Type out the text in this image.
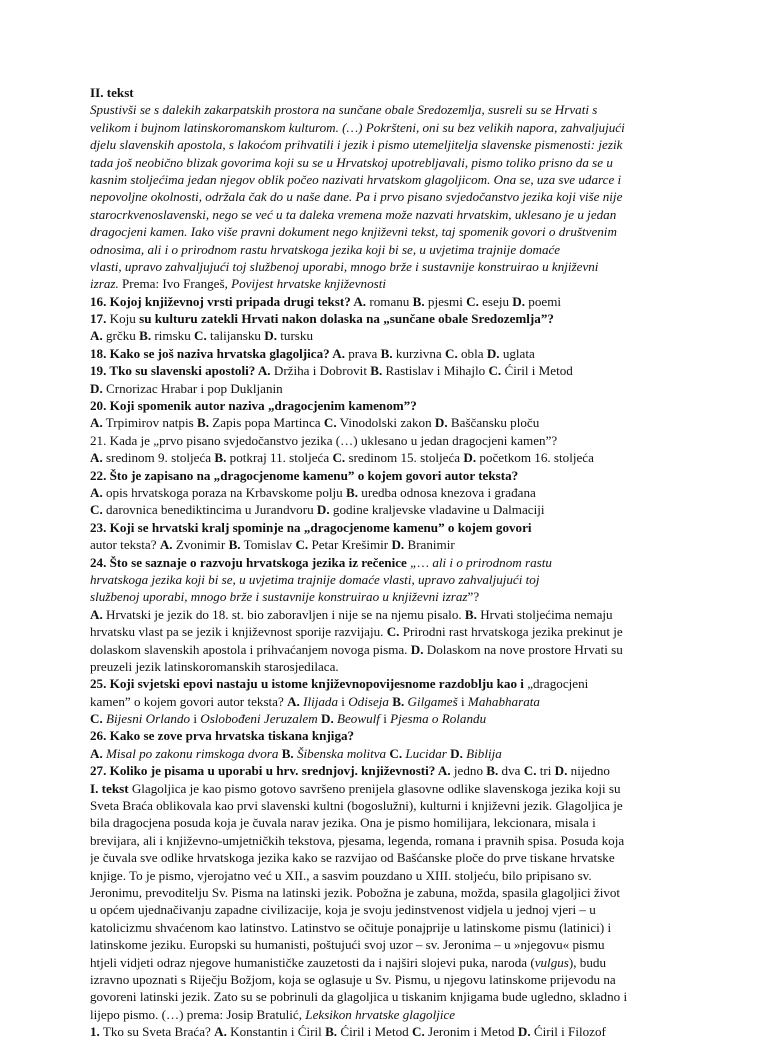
II. tekst
Spustivši se s dalekih zakarpatskih prostora na sunčane obale Sredozemlja, susreli su se Hrvati s
velikom i bujnom latinskoromanskom kulturom. (…) Pokršteni, oni su bez velikih napora, zahvaljujući
djelu slavenskih apostola, s lakoćom prihvatili i jezik i pismo utemeljitelja slavenske pismenosti: jezik
tada još neobično blizak govorima koji su se u Hrvatskoj upotrebljavali, pismo toliko prisno da se u
kasnim stoljećima jedan njegov oblik počeo nazivati hrvatskom glagoljicom. Ona se, uza sve udarce i
nepovoljne okolnosti, održala čak do u naše dane. Pa i prvo pisano svjedočanstvo jezika koji više nije
starocrkvenoslavenski, nego se već u ta daleka vremena može nazvati hrvatskim, uklesano je u jedan
dragocjeni kamen. Iako više pravni dokument nego književni tekst, taj spomenik govori o društvenim
odnosima, ali i o prirodnom rastu hrvatskoga jezika koji bi se, u uvjetima trajnije domaće
vlasti, upravo zahvaljujući toj službenoj uporabi, mnogo brže i sustavnije konstruirao u književni
izraz. Prema: Ivo Frangeš, Povijest hrvatske književnosti
16. Kojoj književnoj vrsti pripada drugi tekst? A. romanu B. pjesmi C. eseju D. poemi
17. Koju su kulturu zatekli Hrvati nakon dolaska na „sunčane obale Sredozemlja”?
A. grčku B. rimsku C. talijansku D. tursku
18. Kako se još naziva hrvatska glagoljica? A. prava B. kurzivna C. obla D. uglata
19. Tko su slavenski apostoli? A. Držiha i Dobrovit B. Rastislav i Mihajlo C. Ćiril i Metod
D. Crnorizac Hrabar i pop Dukljanin
20. Koji spomenik autor naziva „dragocjenim kamenom”?
A. Trpimirov natpis B. Zapis popa Martinca C. Vinodolski zakon D. Baščansku ploču
21. Kada je „prvo pisano svjedočanstvo jezika (…) uklesano u jedan dragocjeni kamen”?
A. sredinom 9. stoljeća B. potkraj 11. stoljeća C. sredinom 15. stoljeća D. početkom 16. stoljeća
22. Što je zapisano na „dragocjenome kamenu” o kojem govori autor teksta?
A. opis hrvatskoga poraza na Krbavskome polju B. uredba odnosa knezova i građana
C. darovnica benediktincima u Jurandvoru D. godine kraljevske vladavine u Dalmaciji
23. Koji se hrvatski kralj spominje na „dragocjenome kamenu” o kojem govori
autor teksta? A. Zvonimir B. Tomislav C. Petar Krešimir D. Branimir
24. Što se saznaje o razvoju hrvatskoga jezika iz rečenice „… ali i o prirodnom rastu
hrvatskoga jezika koji bi se, u uvjetima trajnije domaće vlasti, upravo zahvaljujući toj
službenoj uporabi, mnogo brže i sustavnije konstruirao u književni izraz”?
A. Hrvatski je jezik do 18. st. bio zaboravljen i nije se na njemu pisalo. B. Hrvati stoljećima nemaju
hrvatsku vlast pa se jezik i književnost sporije razvijaju. C. Prirodni rast hrvatskoga jezika prekinut je
dolaskom slavenskih apostola i prihvaćanjem novoga pisma. D. Dolaskom na nove prostore Hrvati su
preuzeli jezik latinskoromanskih starosjedilaca.
25. Koji svjetski epovi nastaju u istome književnopovijesnome razdoblju kao i „dragocjeni
kamen” o kojem govori autor teksta? A. Ilijada i Odiseja B. Gilgameš i Mahabharata
C. Bijesni Orlando i Oslobođeni Jeruzalem D. Beowulf i Pjesma o Rolandu
26. Kako se zove prva hrvatska tiskana knjiga?
A. Misal po zakonu rimskoga dvora B. Šibenska molitva C. Lucidar D. Biblija
27. Koliko je pisama u uporabi u hrv. srednjovj. književnosti? A. jedno B. dva C. tri D. nijedno
I. tekst Glagoljica je kao pismo gotovo savršeno prenijela glasovne odlike slavenskoga jezika koji su
Sveta Braća oblikovala kao prvi slavenski kultni (bogoslužni), kulturni i književni jezik. Glagoljica je
bila dragocjena posuda koja je čuvala narav jezika. Ona je pismo homilijara, lekcionara, misala i
brevijara, ali i književno-umjetničkih tekstova, pjesama, legenda, romana i pravnih spisa. Posuda koja
je čuvala sve odlike hrvatskoga jezika kako se razvijao od Bašćanske ploče do prve tiskane hrvatske
knjige. To je pismo, vjerojatno već u XII., a sasvim pouzdano u XIII. stoljeću, bilo pripisano sv.
Jeronimu, prevoditelju Sv. Pisma na latinski jezik. Pobožna je zabuna, možda, spasila glagoljici život
u općem ujednačivanju zapadne civilizacije, koja je svoju jedinstvenost vidjela u jednoj vjeri – u
katolicizmu shvaćenom kao latinstvo. Latinstvo se očituje ponajprije u latinskome pismu (latinici) i
latinskome jeziku. Europski su humanisti, poštujući svoj uzor – sv. Jeronima – u »njegovu« pismu
htjeli vidjeti odraz njegove humanističke zauzetosti da i najširi slojevi puka, naroda (vulgus), budu
izravno upoznati s Riječju Božjom, koja se oglasuje u Sv. Pismu, u njegovu latinskome prijevodu na
govoreni latinski jezik. Zato su se pobrinuli da glagoljica u tiskanim knjigama bude ugledno, skladno i
lijepo pismo. (…) prema: Josip Bratulić, Leksikon hrvatske glagoljice
1. Tko su Sveta Braća? A. Konstantin i Ćiril B. Ćiril i Metod C. Jeronim i Metod D. Ćiril i Filozof
